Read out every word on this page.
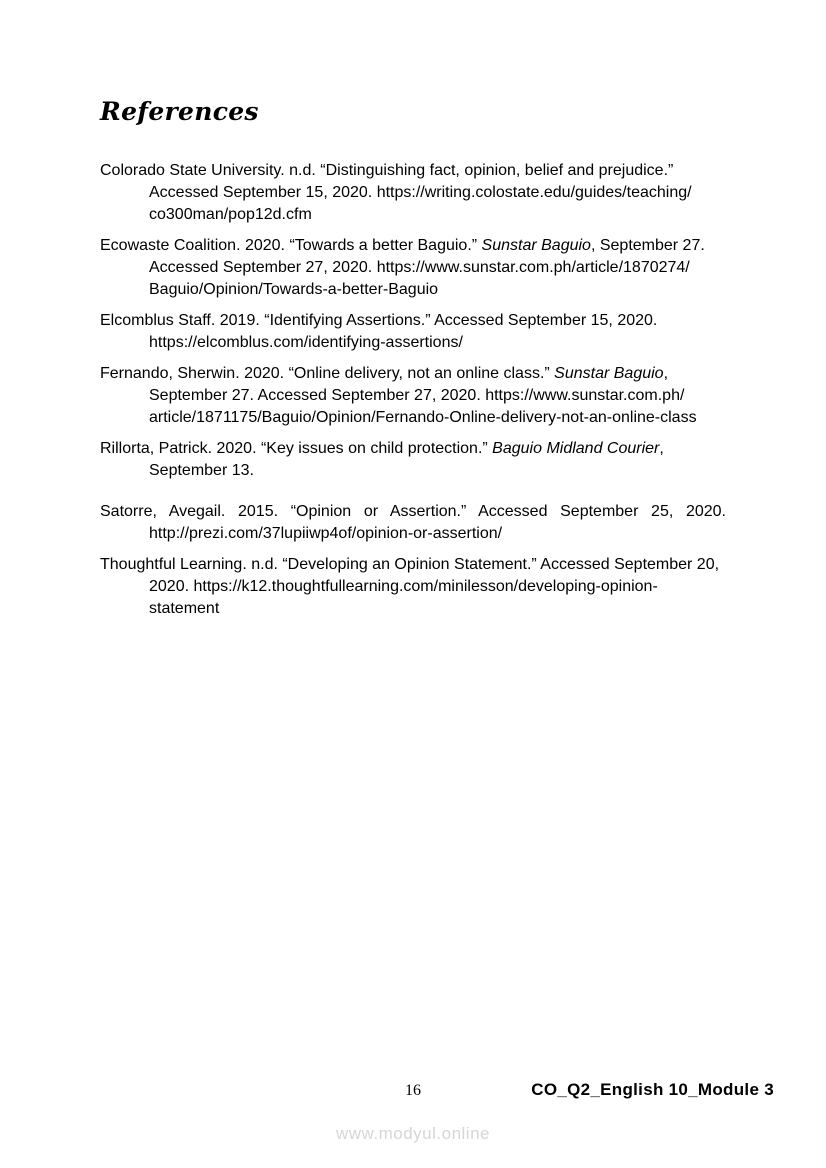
References

Colorado State University. n.d. “Distinguishing fact, opinion, belief and prejudice.” Accessed September 15, 2020. https:/​/​writing.colostate.edu/​guides/​teaching/​co300man/​pop12d.cfm

Ecowaste Coalition. 2020. “Towards a better Baguio.” Sunstar Baguio, September 27. Accessed September 27, 2020. https:/​/​www.sunstar.com.ph/​article/​1870274/​Baguio/​Opinion/​Towards-a-better-Baguio

Elcomblus Staff. 2019. “Identifying Assertions.” Accessed September 15, 2020. https://elcomblus.com/identifying-assertions/

Fernando, Sherwin. 2020. “Online delivery, not an online class.” Sunstar Baguio, September 27. Accessed September 27, 2020. https:/​/​www.sunstar.com.ph/​article/​1871175/​Baguio/​Opinion/​Fernando-Online-delivery-not-an-online-class

Rillorta, Patrick. 2020. “Key issues on child protection.” Baguio Midland Courier, September 13.

Satorre, Avegail. 2015. “Opinion or Assertion.” Accessed September 25, 2020. http://prezi.com/37lupiiwp4of/opinion-or-assertion/

Thoughtful Learning. n.d. “Developing an Opinion Statement.” Accessed September 20, 2020. https:/​/​k12.thoughtfullearning.com/​minilesson/​developing-opinion-statement

16	CO_Q2_English 10_Module 3
www.modyul.online
